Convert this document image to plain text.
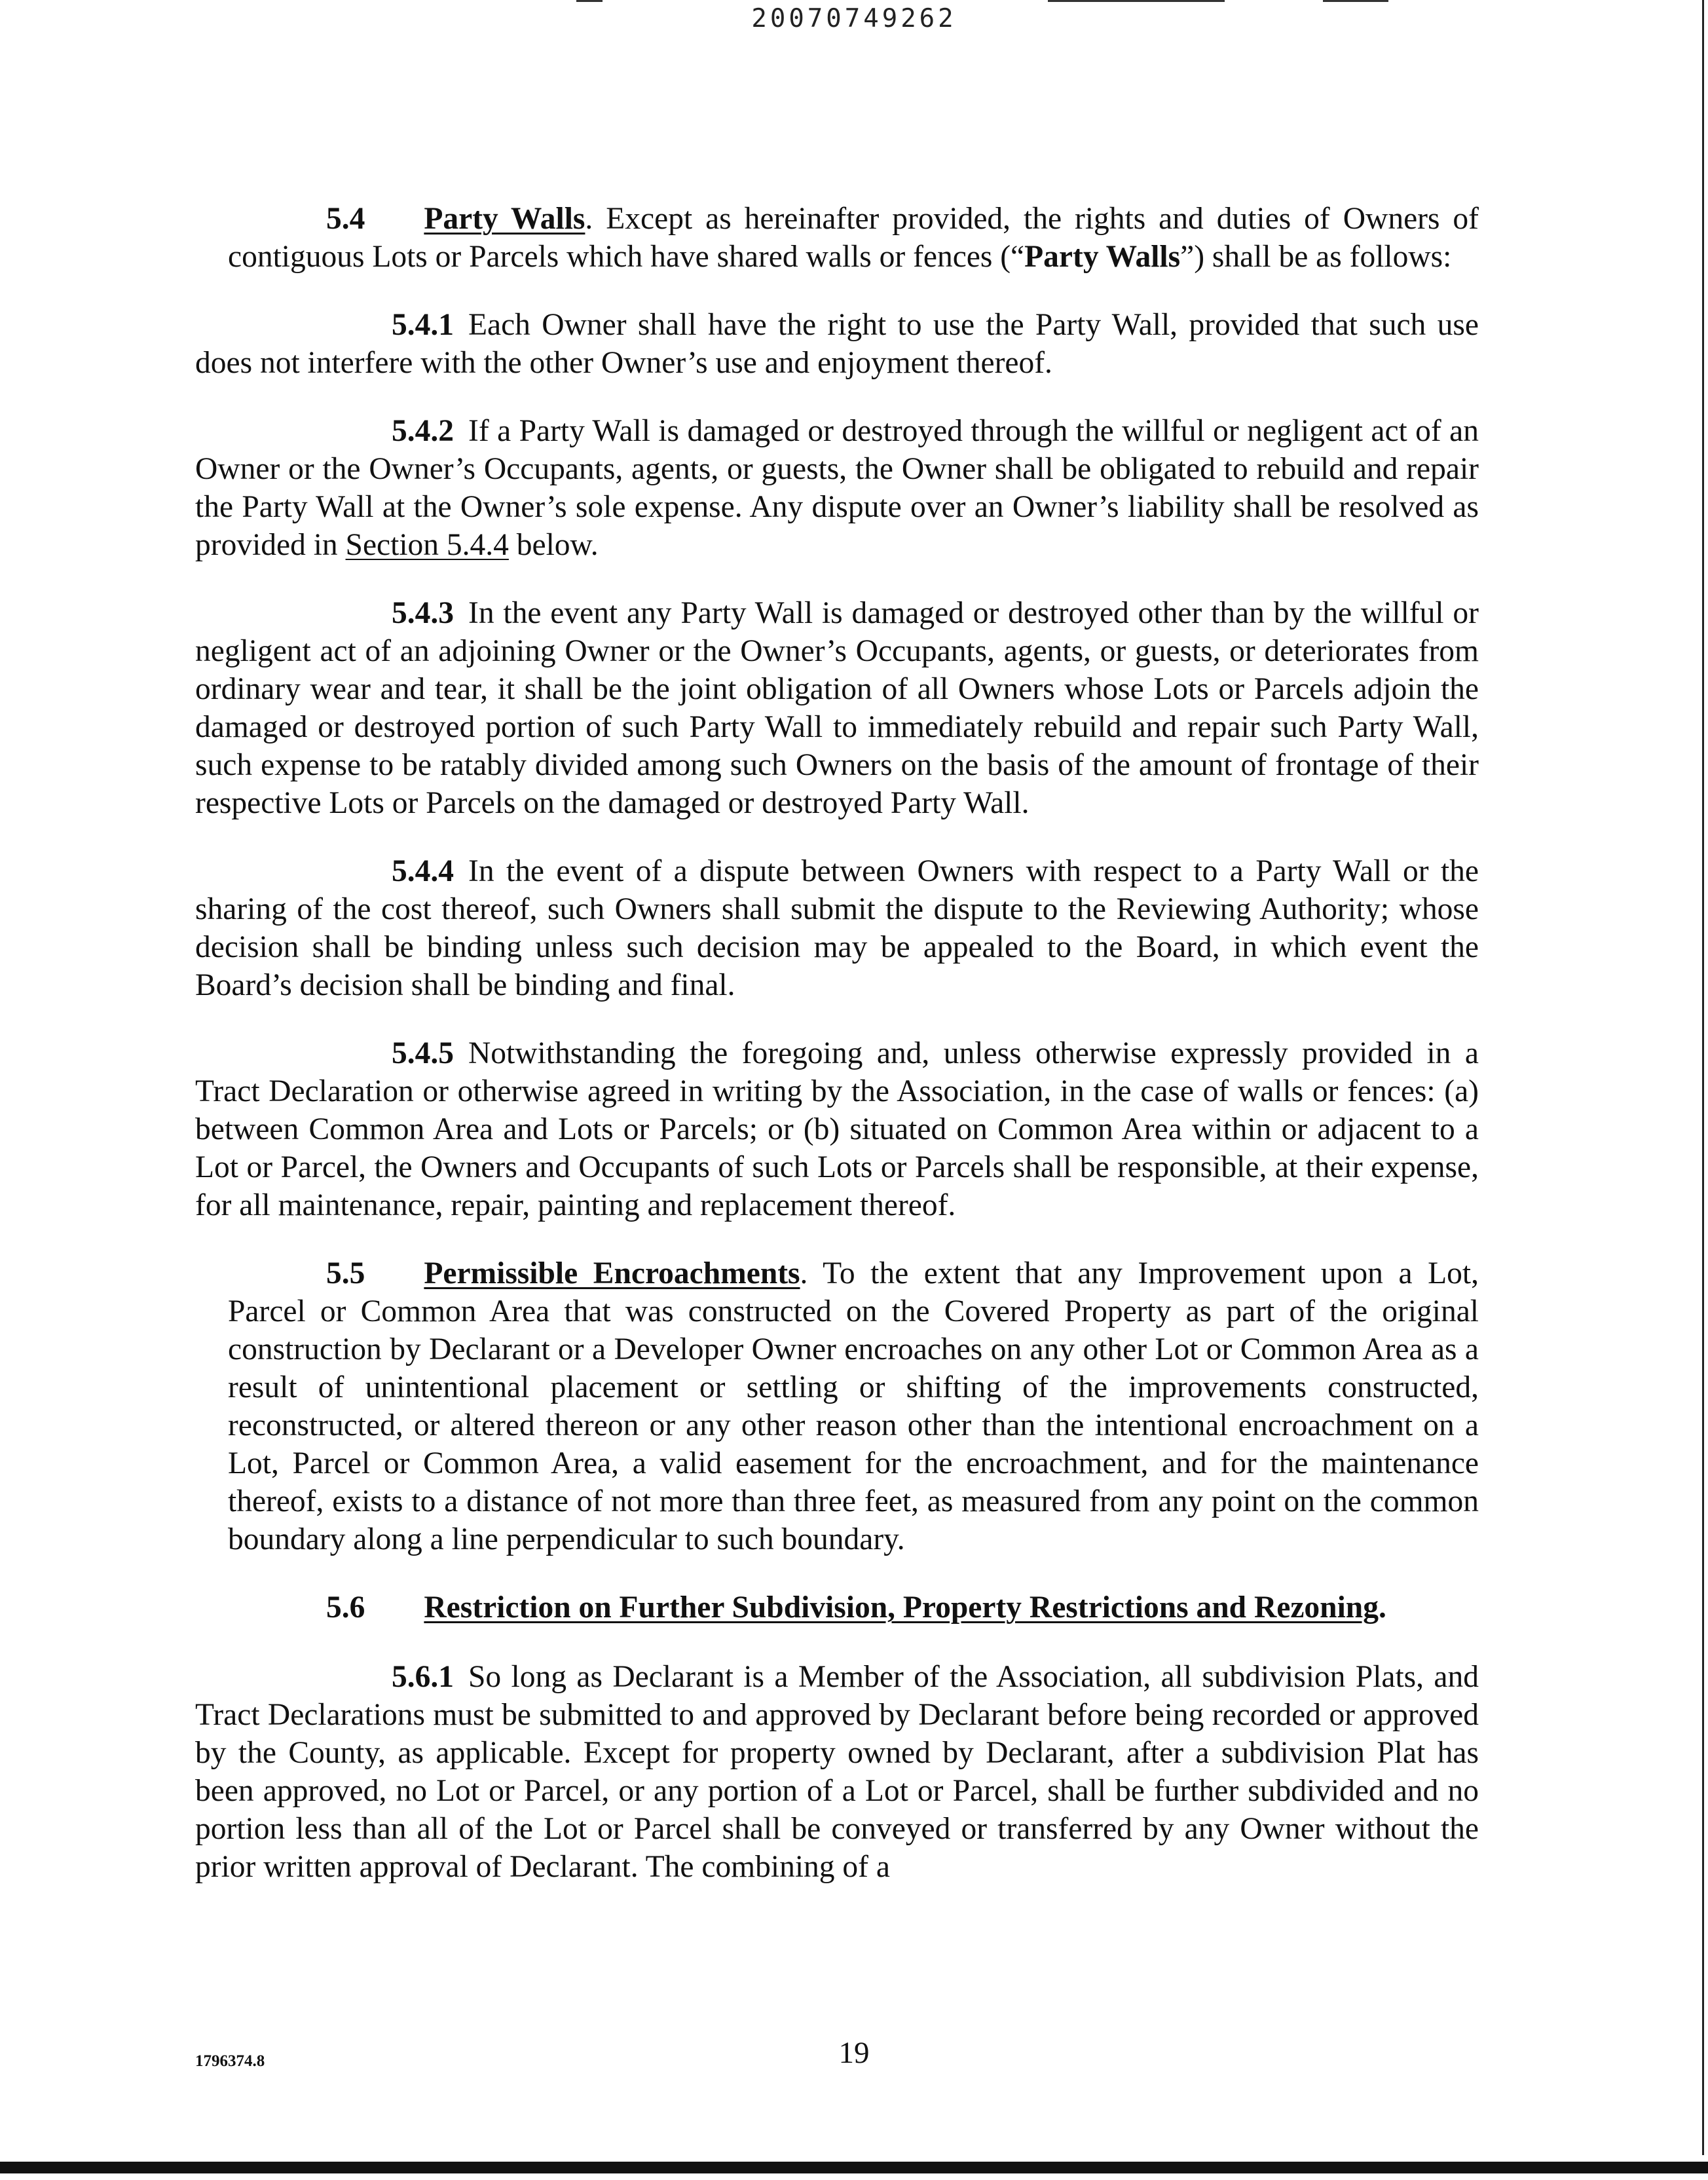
20070749262

5.4 Party Walls. Except as hereinafter provided, the rights and duties of Owners of contiguous Lots or Parcels which have shared walls or fences (“Party Walls”) shall be as follows:

5.4.1 Each Owner shall have the right to use the Party Wall, provided that such use does not interfere with the other Owner’s use and enjoyment thereof.

5.4.2 If a Party Wall is damaged or destroyed through the willful or negligent act of an Owner or the Owner’s Occupants, agents, or guests, the Owner shall be obligated to rebuild and repair the Party Wall at the Owner’s sole expense. Any dispute over an Owner’s liability shall be resolved as provided in Section 5.4.4 below.

5.4.3 In the event any Party Wall is damaged or destroyed other than by the willful or negligent act of an adjoining Owner or the Owner’s Occupants, agents, or guests, or deteriorates from ordinary wear and tear, it shall be the joint obligation of all Owners whose Lots or Parcels adjoin the damaged or destroyed portion of such Party Wall to immediately rebuild and repair such Party Wall, such expense to be ratably divided among such Owners on the basis of the amount of frontage of their respective Lots or Parcels on the damaged or destroyed Party Wall.

5.4.4 In the event of a dispute between Owners with respect to a Party Wall or the sharing of the cost thereof, such Owners shall submit the dispute to the Reviewing Authority; whose decision shall be binding unless such decision may be appealed to the Board, in which event the Board’s decision shall be binding and final.

5.4.5 Notwithstanding the foregoing and, unless otherwise expressly provided in a Tract Declaration or otherwise agreed in writing by the Association, in the case of walls or fences: (a) between Common Area and Lots or Parcels; or (b) situated on Common Area within or adjacent to a Lot or Parcel, the Owners and Occupants of such Lots or Parcels shall be responsible, at their expense, for all maintenance, repair, painting and replacement thereof.

5.5 Permissible Encroachments. To the extent that any Improvement upon a Lot, Parcel or Common Area that was constructed on the Covered Property as part of the original construction by Declarant or a Developer Owner encroaches on any other Lot or Common Area as a result of unintentional placement or settling or shifting of the improvements constructed, reconstructed, or altered thereon or any other reason other than the intentional encroachment on a Lot, Parcel or Common Area, a valid easement for the encroachment, and for the maintenance thereof, exists to a distance of not more than three feet, as measured from any point on the common boundary along a line perpendicular to such boundary.

5.6 Restriction on Further Subdivision, Property Restrictions and Rezoning.

5.6.1 So long as Declarant is a Member of the Association, all subdivision Plats, and Tract Declarations must be submitted to and approved by Declarant before being recorded or approved by the County, as applicable. Except for property owned by Declarant, after a subdivision Plat has been approved, no Lot or Parcel, or any portion of a Lot or Parcel, shall be further subdivided and no portion less than all of the Lot or Parcel shall be conveyed or transferred by any Owner without the prior written approval of Declarant. The combining of a

1796374.8	19
